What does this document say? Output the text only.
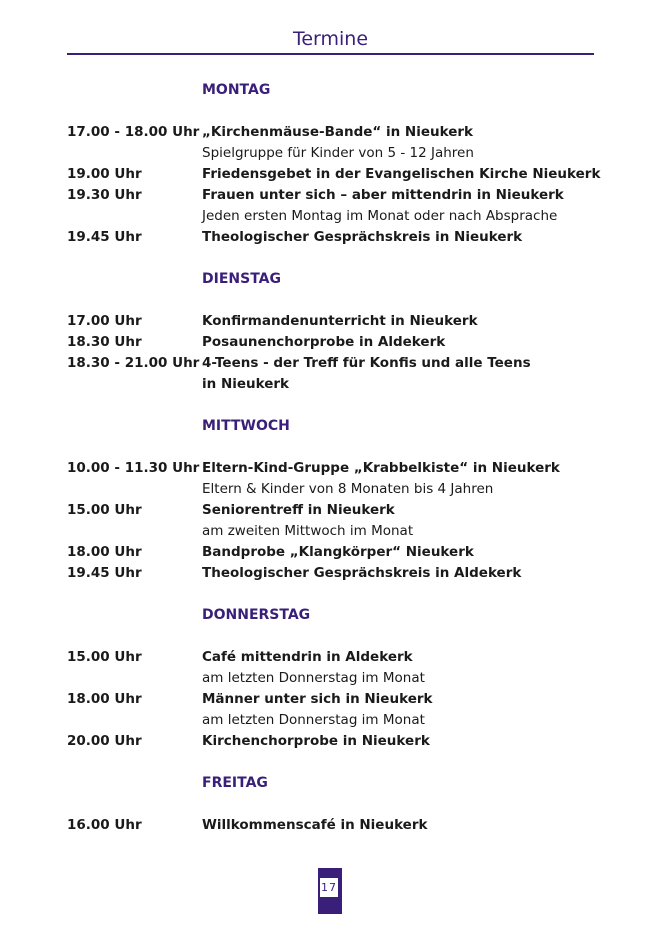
Termine
MONTAG
17.00 - 18.00 Uhr „Kirchenmäuse-Bande“ in Nieukerk
Spielgruppe für Kinder von 5 - 12 Jahren
19.00 Uhr	Friedensgebet in der Evangelischen Kirche Nieukerk
19.30 Uhr	Frauen unter sich – aber mittendrin in Nieukerk
Jeden ersten Montag im Monat oder nach Absprache
19.45 Uhr	Theologischer Gesprächskreis in Nieukerk
DIENSTAG
17.00 Uhr	Konfirmandenunterricht in Nieukerk
18.30 Uhr	Posaunenchorprobe in Aldekerk
18.30 - 21.00 Uhr 4-Teens - der Treff für Konfis und alle Teens
in Nieukerk
MITTWOCH
10.00 - 11.30 Uhr Eltern-Kind-Gruppe „Krabbelkiste“ in Nieukerk
Eltern & Kinder von 8 Monaten bis 4 Jahren
15.00 Uhr	Seniorentreff in Nieukerk
am zweiten Mittwoch im Monat
18.00 Uhr	Bandprobe „Klangkörper“ Nieukerk
19.45 Uhr	Theologischer Gesprächskreis in Aldekerk
DONNERSTAG
15.00 Uhr	Café mittendrin in Aldekerk
am letzten Donnerstag im Monat
18.00 Uhr	Männer unter sich in Nieukerk
am letzten Donnerstag im Monat
20.00 Uhr	Kirchenchorprobe in Nieukerk
FREITAG
16.00 Uhr	Willkommenscafé in Nieukerk
17
